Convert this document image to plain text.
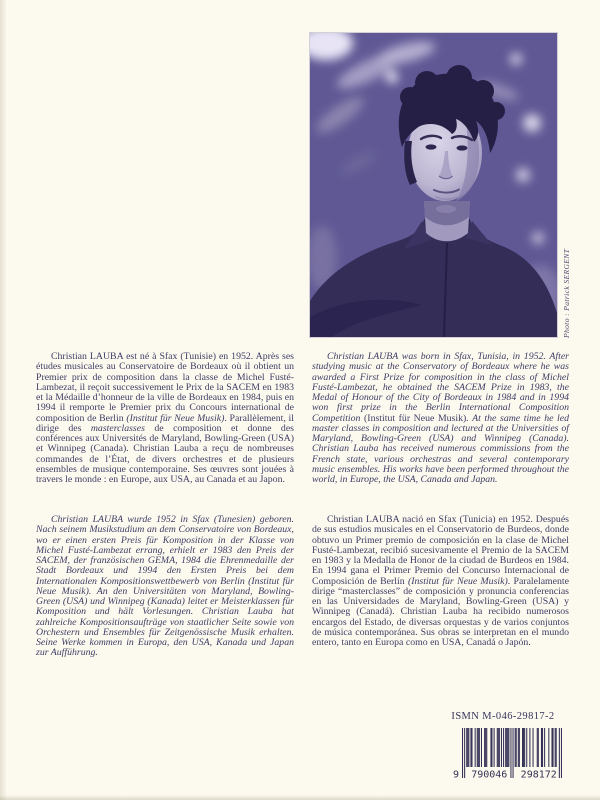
Photo : Patrick SERGENT

Christian LAUBA est né à Sfax (Tunisie) en 1952. Après ses études musicales au Conservatoire de Bordeaux où il obtient un Premier prix de composition dans la classe de Michel Fusté-Lambezat, il reçoit successivement le Prix de la SACEM en 1983 et la Médaille d’honneur de la ville de Bordeaux en 1984, puis en 1994 il remporte le Premier prix du Concours international de composition de Berlin (Institut für Neue Musik). Parallèlement, il dirige des masterclasses de composition et donne des conférences aux Universités de Maryland, Bowling-Green (USA) et Winnipeg (Canada). Christian Lauba a reçu de nombreuses commandes de l’État, de divers orchestres et de plusieurs ensembles de musique contemporaine. Ses œuvres sont jouées à travers le monde : en Europe, aux USA, au Canada et au Japon.

Christian LAUBA was born in Sfax, Tunisia, in 1952. After studying music at the Conservatory of Bordeaux where he was awarded a First Prize for composition in the class of Michel Fusté-Lambezat, he obtained the SACEM Prize in 1983, the Medal of Honour of the City of Bordeaux in 1984 and in 1994 won first prize in the Berlin International Composition Competition (Institut für Neue Musik). At the same time he led master classes in composition and lectured at the Universities of Maryland, Bowling-Green (USA) and Winnipeg (Canada). Christian Lauba has received numerous commissions from the French state, various orchestras and several contemporary music ensembles. His works have been performed throughout the world, in Europe, the USA, Canada and Japan.

Christian LAUBA wurde 1952 in Sfax (Tunesien) geboren. Nach seinem Musikstudium an dem Conservatoire von Bordeaux, wo er einen ersten Preis für Komposition in der Klasse von Michel Fusté-Lambezat errang, erhielt er 1983 den Preis der SACEM, der französischen GEMA, 1984 die Ehrenmedaille der Stadt Bordeaux und 1994 den Ersten Preis bei dem Internationalen Kompositionswettbewerb von Berlin (Institut für Neue Musik). An den Universitäten von Maryland, Bowling-Green (USA) und Winnipeg (Kanada) leitet er Meisterklassen für Komposition und hält Vorlesungen. Christian Lauba hat zahlreiche Kompositionsaufträge von staatlicher Seite sowie von Orchestern und Ensembles für Zeitgenössische Musik erhalten. Seine Werke kommen in Europa, den USA, Kanada und Japan zur Aufführung.

Christian LAUBA nació en Sfax (Tunicia) en 1952. Después de sus estudios musicales en el Conservatorio de Burdeos, donde obtuvo un Primer premio de composición en la clase de Michel Fusté-Lambezat, recibió sucesivamente el Premio de la SACEM en 1983 y la Medalla de Honor de la ciudad de Burdeos en 1984. En 1994 gana el Primer Premio del Concurso Internacional de Composición de Berlín (Institut für Neue Musik). Paralelamente dirige “masterclasses” de composición y pronuncia conferencias en las Universidades de Maryland, Bowling-Green (USA) y Winnipeg (Canadá). Christian Lauba ha recibido numerosos encargos del Estado, de diversas orquestas y de varios conjuntos de música contemporánea. Sus obras se interpretan en el mundo entero, tanto en Europa como en USA, Canadá o Japón.

ISMN M-046-29817-2
9 790046 298172
